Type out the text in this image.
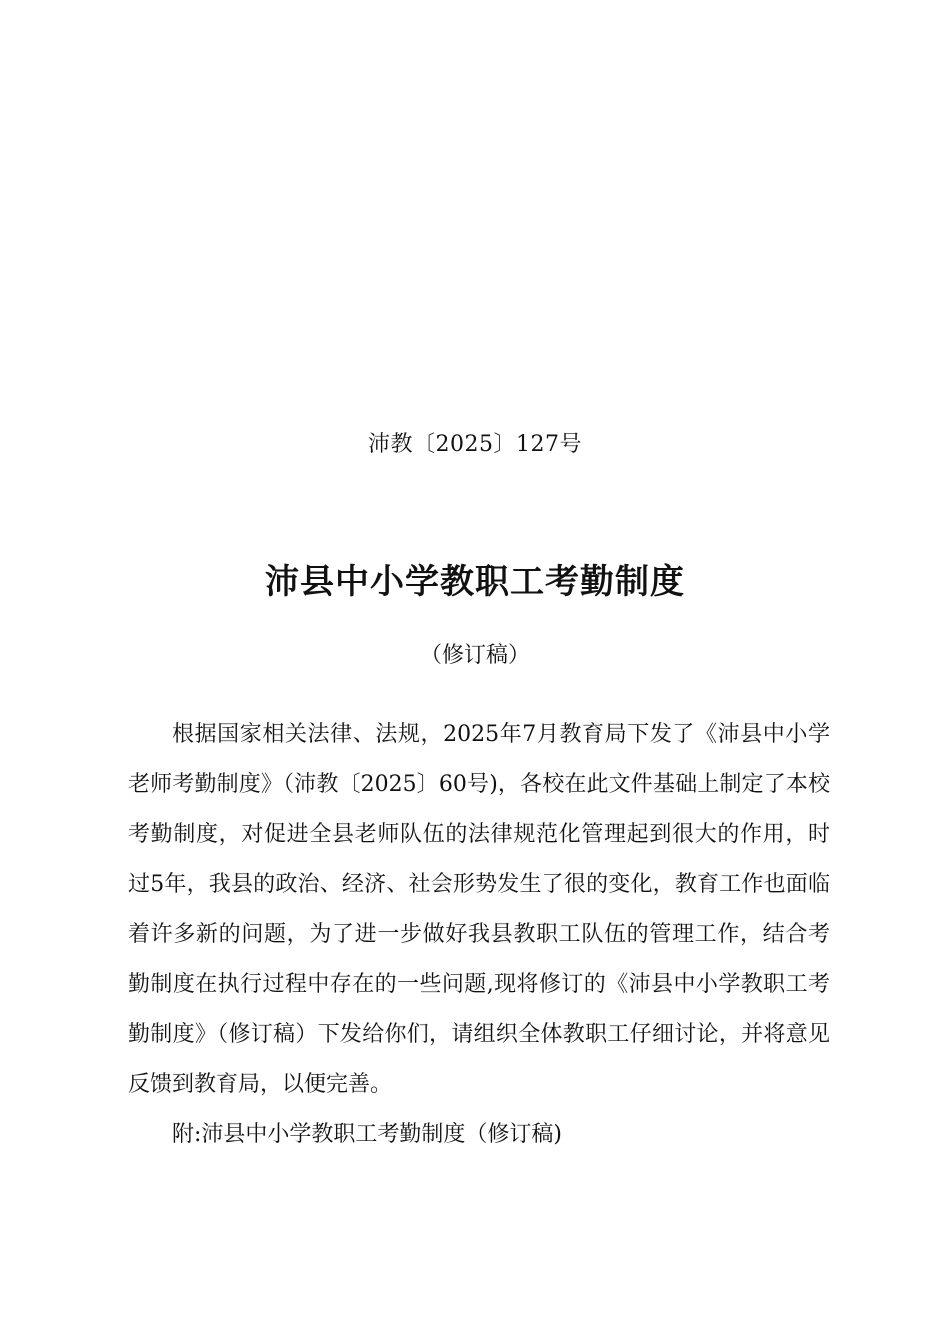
沛教〔2025〕127号
沛县中小学教职工考勤制度
（修订稿）

根据国家相关法律、法规，2025年7月教育局下发了《沛县中小学老师考勤制度》（沛教〔2025〕60号)，各校在此文件基础上制定了本校考勤制度，对促进全县老师队伍的法律规范化管理起到很大的作用，时过5年，我县的政治、经济、社会形势发生了很的变化，教育工作也面临着许多新的问题，为了进一步做好我县教职工队伍的管理工作，结合考勤制度在执行过程中存在的一些问题,现将修订的《沛县中小学教职工考勤制度》（修订稿）下发给你们，请组织全体教职工仔细讨论，并将意见反馈到教育局，以便完善。

附:沛县中小学教职工考勤制度（修订稿)
